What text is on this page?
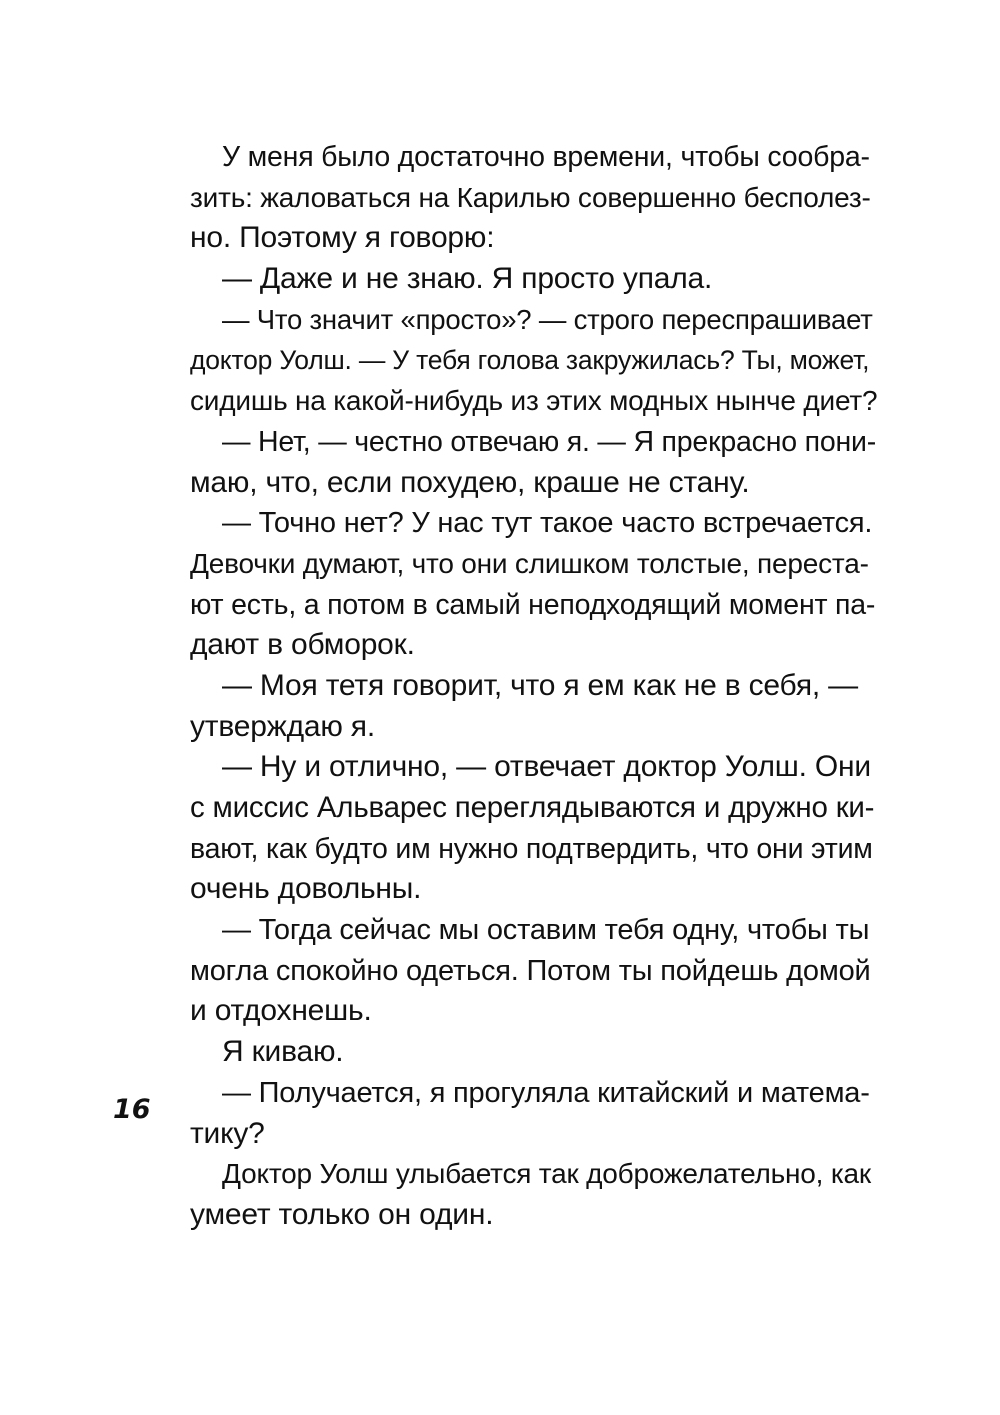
У меня было достаточно времени, чтобы сообра-
зить: жаловаться на Карилью совершенно бесполез-
но. Поэтому я говорю:
— Даже и не знаю. Я просто упала.
— Что значит «просто»? — строго переспрашивает
доктор Уолш. — У тебя голова закружилась? Ты, может,
сидишь на какой-нибудь из этих модных нынче диет?
— Нет, — честно отвечаю я. — Я прекрасно пони-
маю, что, если похудею, краше не стану.
— Точно нет? У нас тут такое часто встречается.
Девочки думают, что они слишком толстые, переста-
ют есть, а потом в самый неподходящий момент па-
дают в обморок.
— Моя тетя говорит, что я ем как не в себя, —
утверждаю я.
— Ну и отлично, — отвечает доктор Уолш. Они
с миссис Альварес переглядываются и дружно ки-
вают, как будто им нужно подтвердить, что они этим
очень довольны.
— Тогда сейчас мы оставим тебя одну, чтобы ты
могла спокойно одеться. Потом ты пойдешь домой
и отдохнешь.
Я киваю.
— Получается, я прогуляла китайский и матема-
тику?
Доктор Уолш улыбается так доброжелательно, как
умеет только он один.
16
